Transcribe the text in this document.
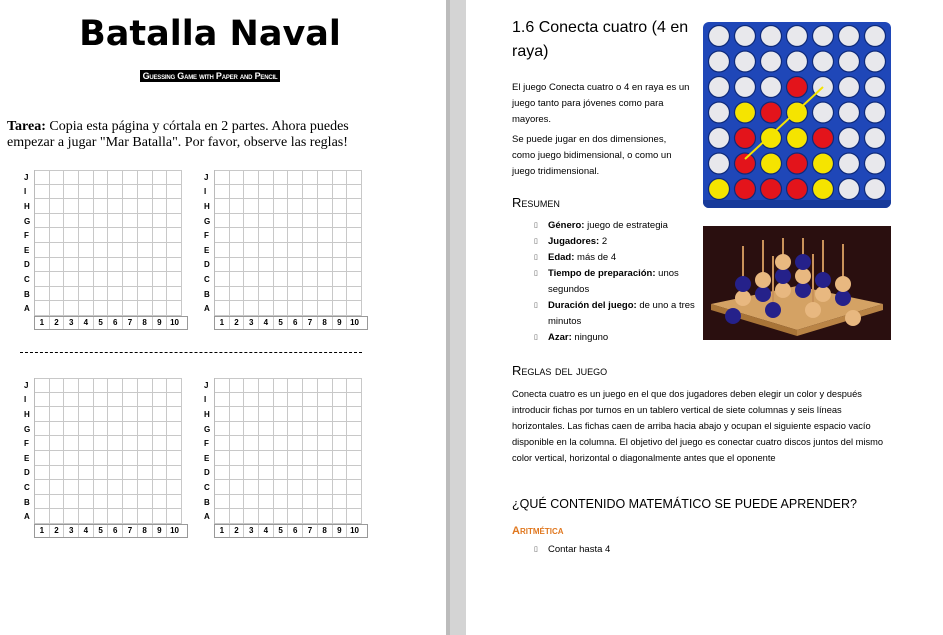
Batalla Naval
Guessing Game with Paper and Pencil
Tarea: Copia esta página y córtala en 2 partes. Ahora puedes empezar a jugar "Mar Batalla". Por favor, observe las reglas!
J
I
H
G
F
E
D
C
B
A
1	2	3	4	5	6	7	8	9	10
J
I
H
G
F
E
D
C
B
A
1	2	3	4	5	6	7	8	9	10
J
I
H
G
F
E
D
C
B
A
1	2	3	4	5	6	7	8	9	10
J
I
H
G
F
E
D
C
B
A
1	2	3	4	5	6	7	8	9	10
1.6 Conecta cuatro (4 en raya)
El juego Conecta cuatro o 4 en raya es un juego tanto para jóvenes como para mayores.
Se puede jugar en dos dimensiones, como juego bidimensional, o como un juego tridimensional.
Resumen
▯ Género: juego de estrategia
▯ Jugadores: 2
▯ Edad: más de 4
▯ Tiempo de preparación: unos segundos
▯ Duración del juego: de uno a tres minutos
▯ Azar: ninguno
Reglas del juego
Conecta cuatro es un juego en el que dos jugadores deben elegir un color y después introducir fichas por turnos en un tablero vertical de siete columnas y seis líneas horizontales. Las fichas caen de arriba hacia abajo y ocupan el siguiente espacio vacío disponible en la columna. El objetivo del juego es conectar cuatro discos juntos del mismo color vertical, horizontal o diagonalmente antes que el oponente
¿QUÉ CONTENIDO MATEMÁTICO SE PUEDE APRENDER?
Aritmética
▯ Contar hasta 4
